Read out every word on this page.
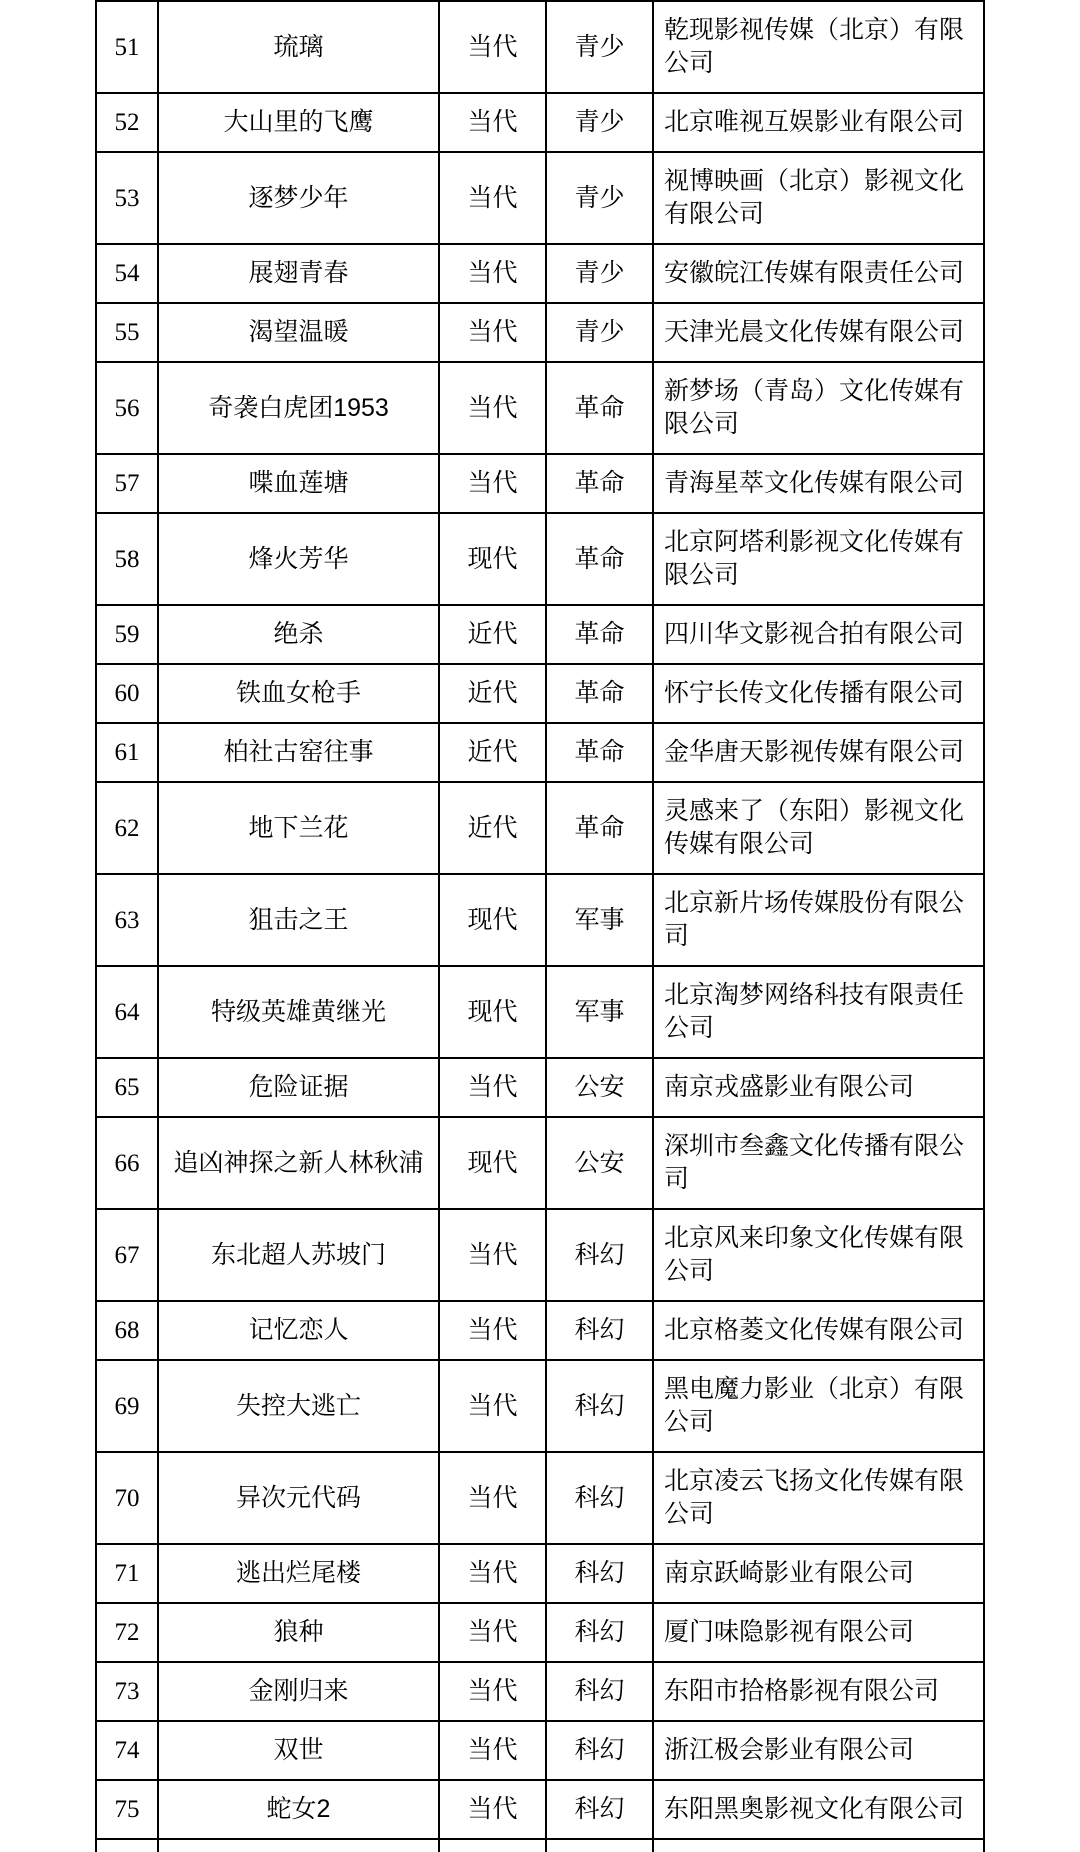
51	琉璃	当代	青少	乾现影视传媒（北京）有限公司
52	大山里的飞鹰	当代	青少	北京唯视互娱影业有限公司
53	逐梦少年	当代	青少	视博映画（北京）影视文化有限公司
54	展翅青春	当代	青少	安徽皖江传媒有限责任公司
55	渴望温暖	当代	青少	天津光晨文化传媒有限公司
56	奇袭白虎团1953	当代	革命	新梦场（青岛）文化传媒有限公司
57	喋血莲塘	当代	革命	青海星萃文化传媒有限公司
58	烽火芳华	现代	革命	北京阿塔利影视文化传媒有限公司
59	绝杀	近代	革命	四川华文影视合拍有限公司
60	铁血女枪手	近代	革命	怀宁长传文化传播有限公司
61	柏社古窑往事	近代	革命	金华唐天影视传媒有限公司
62	地下兰花	近代	革命	灵感来了（东阳）影视文化传媒有限公司
63	狙击之王	现代	军事	北京新片场传媒股份有限公司
64	特级英雄黄继光	现代	军事	北京淘梦网络科技有限责任公司
65	危险证据	当代	公安	南京戎盛影业有限公司
66	追凶神探之新人林秋浦	现代	公安	深圳市叁鑫文化传播有限公司
67	东北超人苏坡门	当代	科幻	北京风来印象文化传媒有限公司
68	记忆恋人	当代	科幻	北京格菱文化传媒有限公司
69	失控大逃亡	当代	科幻	黑电魔力影业（北京）有限公司
70	异次元代码	当代	科幻	北京凌云飞扬文化传媒有限公司
71	逃出烂尾楼	当代	科幻	南京跃崎影业有限公司
72	狼种	当代	科幻	厦门味隐影视有限公司
73	金刚归来	当代	科幻	东阳市拾格影视有限公司
74	双世	当代	科幻	浙江极会影业有限公司
75	蛇女2	当代	科幻	东阳黑奥影视文化有限公司
